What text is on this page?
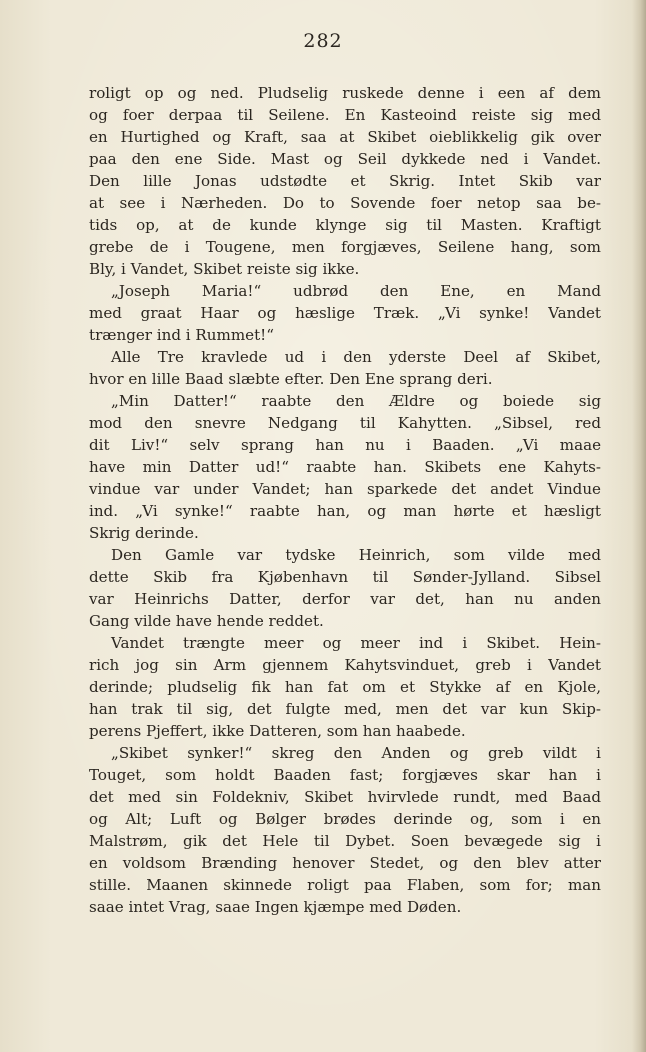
282
roligt op og ned. Pludselig ruskede denne i een af dem
og foer derpaa til Seilene. En Kasteoind reiste sig med
en Hurtighed og Kraft, saa at Skibet oieblikkelig gik over
paa den ene Side. Mast og Seil dykkede ned i Vandet.
Den lille Jonas udstødte et Skrig. Intet Skib var
at see i Nærheden. Do to Sovende foer netop saa be-
tids op, at de kunde klynge sig til Masten. Kraftigt
grebe de i Tougene, men forgjæves, Seilene hang, som
Bly, i Vandet, Skibet reiste sig ikke.
„Joseph Maria!“ udbrød den Ene, en Mand
med graat Haar og hæslige Træk. „Vi synke! Vandet
trænger ind i Rummet!“
Alle Tre kravlede ud i den yderste Deel af Skibet,
hvor en lille Baad slæbte efter. Den Ene sprang deri.
„Min Datter!“ raabte den Ældre og boiede sig
mod den snevre Nedgang til Kahytten. „Sibsel, red
dit Liv!“ selv sprang han nu i Baaden. „Vi maae
have min Datter ud!“ raabte han. Skibets ene Kahyts-
vindue var under Vandet; han sparkede det andet Vindue
ind. „Vi synke!“ raabte han, og man hørte et hæsligt
Skrig derinde.
Den Gamle var tydske Heinrich, som vilde med
dette Skib fra Kjøbenhavn til Sønder-Jylland. Sibsel
var Heinrichs Datter, derfor var det, han nu anden
Gang vilde have hende reddet.
Vandet trængte meer og meer ind i Skibet. Hein-
rich jog sin Arm gjennem Kahytsvinduet, greb i Vandet
derinde; pludselig fik han fat om et Stykke af en Kjole,
han trak til sig, det fulgte med, men det var kun Skip-
perens Pjeffert, ikke Datteren, som han haabede.
„Skibet synker!“ skreg den Anden og greb vildt i
Touget, som holdt Baaden fast; forgjæves skar han i
det med sin Foldekniv, Skibet hvirvlede rundt, med Baad
og Alt; Luft og Bølger brødes derinde og, som i en
Malstrøm, gik det Hele til Dybet. Soen bevægede sig i
en voldsom Brænding henover Stedet, og den blev atter
stille. Maanen skinnede roligt paa Flaben, som for; man
saae intet Vrag, saae Ingen kjæmpe med Døden.
